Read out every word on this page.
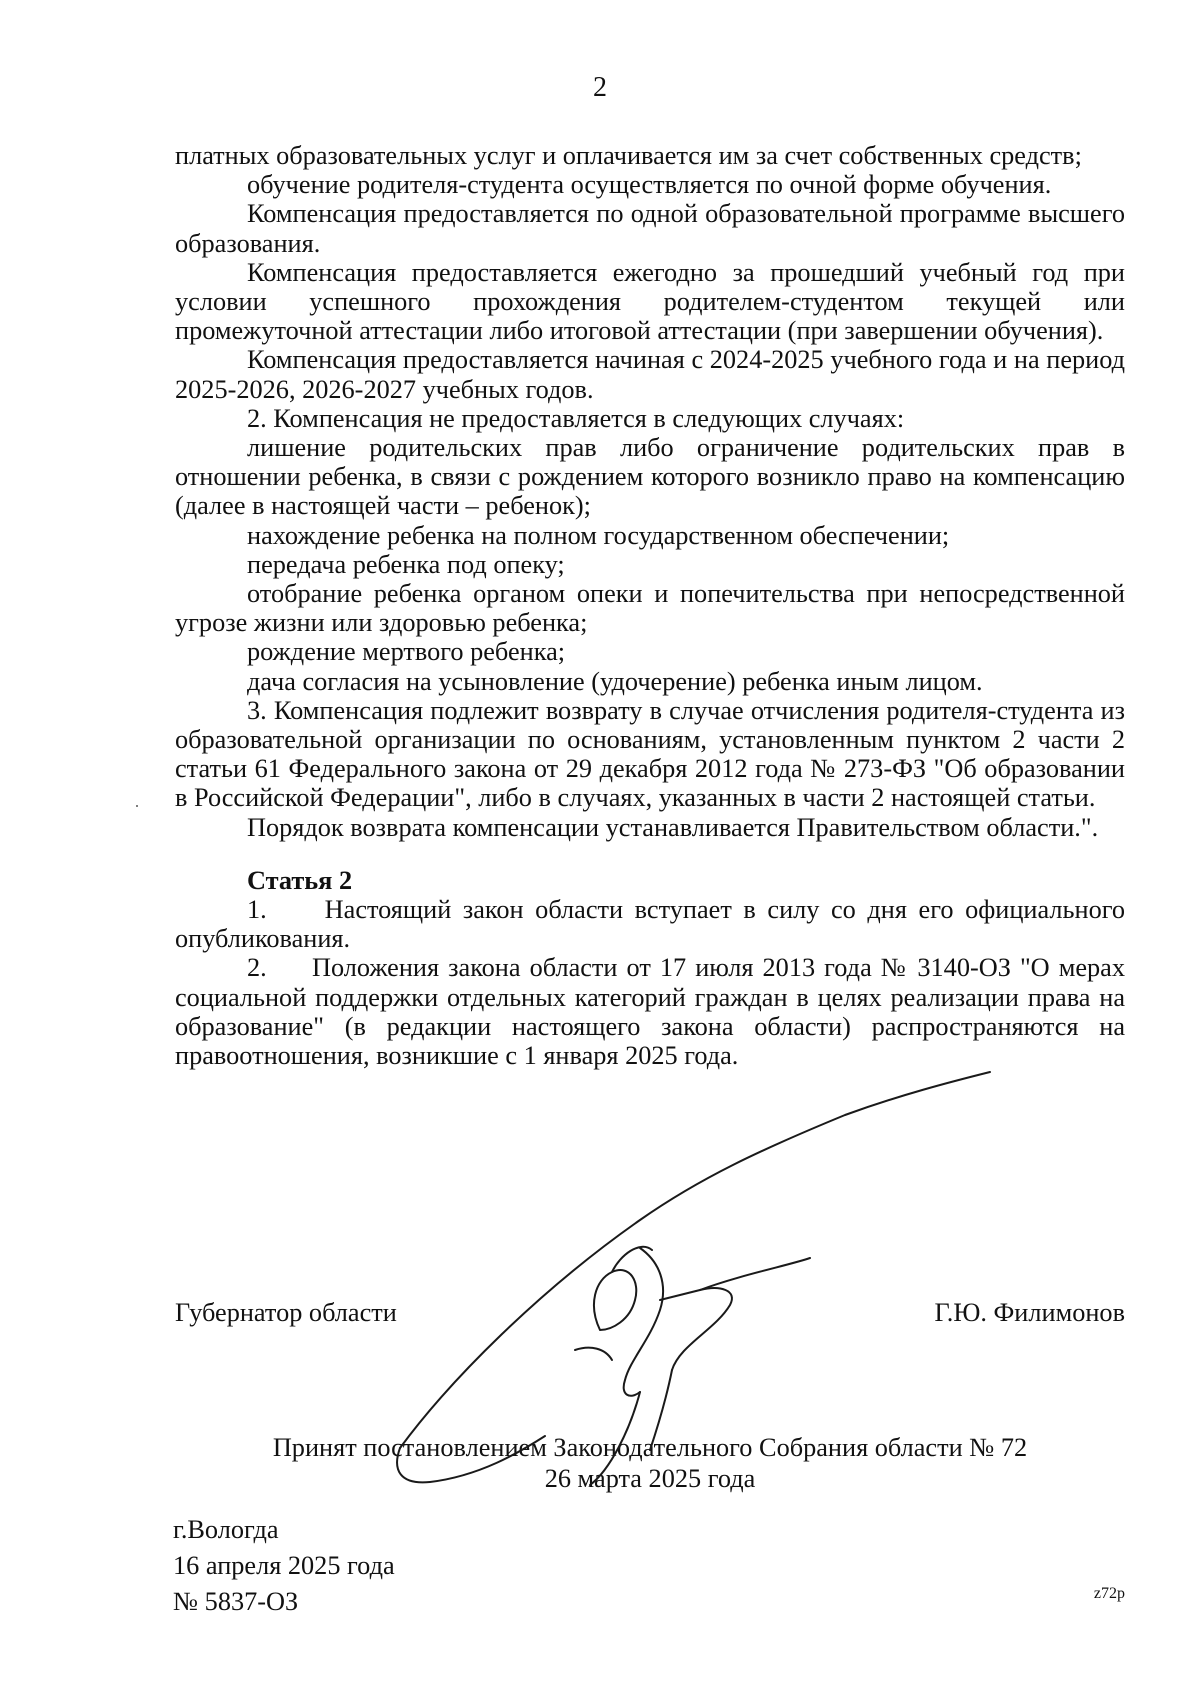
2

платных образовательных услуг и оплачивается им за счет собственных средств;

обучение родителя-студента осуществляется по очной форме обучения.

Компенсация предоставляется по одной образовательной программе высшего образования.

Компенсация предоставляется ежегодно за прошедший учебный год при условии успешного прохождения родителем-студентом текущей или промежуточной аттестации либо итоговой аттестации (при завершении обучения).

Компенсация предоставляется начиная с 2024-2025 учебного года и на период 2025-2026, 2026-2027 учебных годов.

2. Компенсация не предоставляется в следующих случаях:

лишение родительских прав либо ограничение родительских прав в отношении ребенка, в связи с рождением которого возникло право на компенсацию (далее в настоящей части – ребенок);

нахождение ребенка на полном государственном обеспечении;

передача ребенка под опеку;

отобрание ребенка органом опеки и попечительства при непосредственной угрозе жизни или здоровью ребенка;

рождение мертвого ребенка;

дача согласия на усыновление (удочерение) ребенка иным лицом.

3. Компенсация подлежит возврату в случае отчисления родителя-студента из образовательной организации по основаниям, установленным пунктом 2 части 2 статьи 61 Федерального закона от 29 декабря 2012 года № 273-ФЗ "Об образовании в Российской Федерации", либо в случаях, указанных в части 2 настоящей статьи.

Порядок возврата компенсации устанавливается Правительством области.".

Статья 2

1. Настоящий закон области вступает в силу со дня его официального опубликования.

2. Положения закона области от 17 июля 2013 года № 3140-ОЗ "О мерах социальной поддержки отдельных категорий граждан в целях реализации права на образование" (в редакции настоящего закона области) распространяются на правоотношения, возникшие с 1 января 2025 года.

Губернатор области	Г.Ю. Филимонов
Принят постановлением Законодательного Собрания области № 72
26 марта 2025 года
г.Вологда
16 апреля 2025 года
№ 5837-ОЗ	z72p
